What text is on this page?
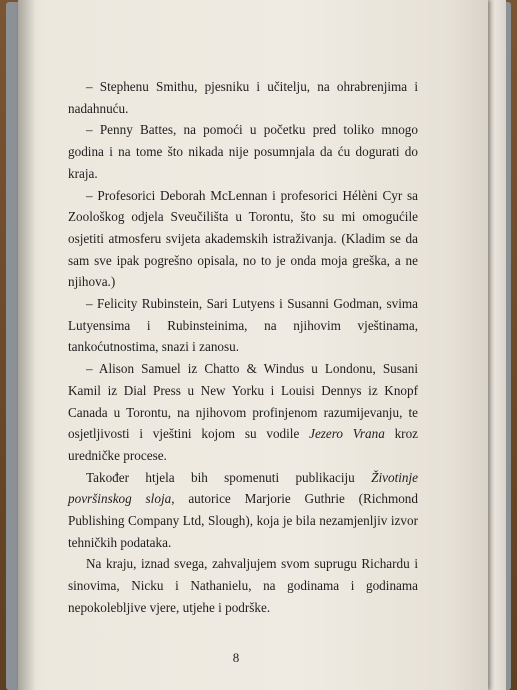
– Stephenu Smithu, pjesniku i učitelju, na ohrabrenjima i nadahnuću.

– Penny Battes, na pomoći u početku pred toliko mnogo godina i na tome što nikada nije posumnjala da ću dogurati do kraja.

– Profesorici Deborah McLennan i profesorici Hélèni Cyr sa Zoološkog odjela Sveučilišta u Torontu, što su mi omogućile osjetiti atmosferu svijeta akademskih istraživanja. (Kladim se da sam sve ipak pogrešno opisala, no to je onda moja greška, a ne njihova.)

– Felicity Rubinstein, Sari Lutyens i Susanni Godman, svima Lutyensima i Rubinsteinima, na njihovim vještinama, tankoćutnostima, snazi i zanosu.

– Alison Samuel iz Chatto & Windus u Londonu, Susani Kamil iz Dial Press u New Yorku i Louisi Dennys iz Knopf Canada u Torontu, na njihovom profinjenom razumijevanju, te osjetljivosti i vještini kojom su vodile Jezero Vrana kroz uredničke procese.

Također htjela bih spomenuti publikaciju Životinje površinskog sloja, autorice Marjorie Guthrie (Richmond Publishing Company Ltd, Slough), koja je bila nezamjenljiv izvor tehničkih podataka.

Na kraju, iznad svega, zahvaljujem svom suprugu Richardu i sinovima, Nicku i Nathanielu, na godinama i godinama nepokolebljive vjere, utjehe i podrške.

8
